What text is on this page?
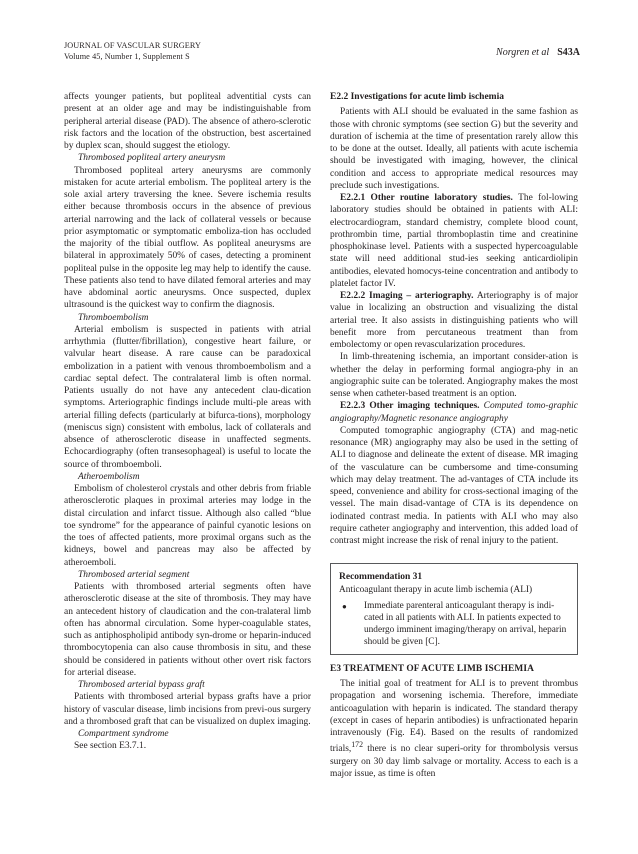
JOURNAL OF VASCULAR SURGERY
Volume 45, Number 1, Supplement S	Norgren et al S43A

affects younger patients, but popliteal adventitial cysts can present at an older age and may be indistinguishable from peripheral arterial disease (PAD). The absence of athero-sclerotic risk factors and the location of the obstruction, best ascertained by duplex scan, should suggest the etiology.

Thrombosed popliteal artery aneurysm

Thrombosed popliteal artery aneurysms are commonly mistaken for acute arterial embolism. The popliteal artery is the sole axial artery traversing the knee. Severe ischemia results either because thrombosis occurs in the absence of previous arterial narrowing and the lack of collateral vessels or because prior asymptomatic or symptomatic emboliza-tion has occluded the majority of the tibial outflow. As popliteal aneurysms are bilateral in approximately 50% of cases, detecting a prominent popliteal pulse in the opposite leg may help to identify the cause. These patients also tend to have dilated femoral arteries and may have abdominal aortic aneurysms. Once suspected, duplex ultrasound is the quickest way to confirm the diagnosis.

Thromboembolism

Arterial embolism is suspected in patients with atrial arrhythmia (flutter/fibrillation), congestive heart failure, or valvular heart disease. A rare cause can be paradoxical embolization in a patient with venous thromboembolism and a cardiac septal defect. The contralateral limb is often normal. Patients usually do not have any antecedent clau-dication symptoms. Arteriographic findings include multi-ple areas with arterial filling defects (particularly at bifurca-tions), morphology (meniscus sign) consistent with embolus, lack of collaterals and absence of atherosclerotic disease in unaffected segments. Echocardiography (often transesophageal) is useful to locate the source of thromboemboli.

Atheroembolism

Embolism of cholesterol crystals and other debris from friable atherosclerotic plaques in proximal arteries may lodge in the distal circulation and infarct tissue. Although also called “blue toe syndrome” for the appearance of painful cyanotic lesions on the toes of affected patients, more proximal organs such as the kidneys, bowel and pancreas may also be affected by atheroemboli.

Thrombosed arterial segment

Patients with thrombosed arterial segments often have atherosclerotic disease at the site of thrombosis. They may have an antecedent history of claudication and the con-tralateral limb often has abnormal circulation. Some hyper-coagulable states, such as antiphospholipid antibody syn-drome or heparin-induced thrombocytopenia can also cause thrombosis in situ, and these should be considered in patients without other overt risk factors for arterial disease.

Thrombosed arterial bypass graft

Patients with thrombosed arterial bypass grafts have a prior history of vascular disease, limb incisions from previ-ous surgery and a thrombosed graft that can be visualized on duplex imaging.

Compartment syndrome

See section E3.7.1.

E2.2 Investigations for acute limb ischemia

Patients with ALI should be evaluated in the same fashion as those with chronic symptoms (see section G) but the severity and duration of ischemia at the time of presentation rarely allow this to be done at the outset. Ideally, all patients with acute ischemia should be investigated with imaging, however, the clinical condition and access to appropriate medical resources may preclude such investigations.

E2.2.1 Other routine laboratory studies. The fol-lowing laboratory studies should be obtained in patients with ALI: electrocardiogram, standard chemistry, complete blood count, prothrombin time, partial thromboplastin time and creatinine phosphokinase level. Patients with a suspected hypercoagulable state will need additional stud-ies seeking anticardiolipin antibodies, elevated homocys-teine concentration and antibody to platelet factor IV.

E2.2.2 Imaging – arteriography. Arteriography is of major value in localizing an obstruction and visualizing the distal arterial tree. It also assists in distinguishing patients who will benefit more from percutaneous treatment than from embolectomy or open revascularization procedures.

In limb-threatening ischemia, an important consider-ation is whether the delay in performing formal angiogra-phy in an angiographic suite can be tolerated. Angiography makes the most sense when catheter-based treatment is an option.

E2.2.3 Other imaging techniques. Computed tomo-graphic angiography/Magnetic resonance angiography

Computed tomographic angiography (CTA) and mag-netic resonance (MR) angiography may also be used in the setting of ALI to diagnose and delineate the extent of disease. MR imaging of the vasculature can be cumbersome and time-consuming which may delay treatment. The ad-vantages of CTA include its speed, convenience and ability for cross-sectional imaging of the vessel. The main disad-vantage of CTA is its dependence on iodinated contrast media. In patients with ALI who may also require catheter angiography and intervention, this added load of contrast might increase the risk of renal injury to the patient.

Recommendation 31
Anticoagulant therapy in acute limb ischemia (ALI)
●	Immediate parenteral anticoagulant therapy is indi-cated in all patients with ALI. In patients expected to undergo imminent imaging/therapy on arrival, heparin should be given [C].
E3 TREATMENT OF ACUTE LIMB ISCHEMIA

The initial goal of treatment for ALI is to prevent thrombus propagation and worsening ischemia. Therefore, immediate anticoagulation with heparin is indicated. The standard therapy (except in cases of heparin antibodies) is unfractionated heparin intravenously (Fig. E4). Based on the results of randomized trials,$^{172}$ there is no clear superi-ority for thrombolysis versus surgery on 30 day limb salvage or mortality. Access to each is a major issue, as time is often
